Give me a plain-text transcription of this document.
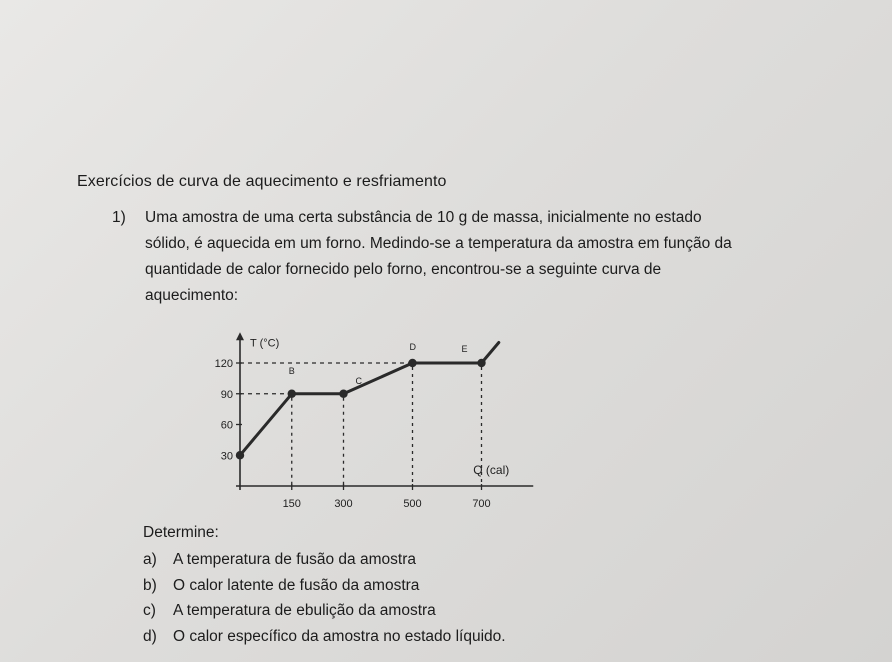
Exercícios de curva de aquecimento e resfriamento
1) Uma amostra de uma certa substância de 10 g de massa, inicialmente no estado
sólido, é aquecida em um forno. Medindo-se a temperatura da amostra em função da
quantidade de calor fornecido pelo forno, encontrou-se a seguinte curva de
aquecimento:
30
60
90
120
150	300	500	700
T (°C)
Q (cal)
B
C
D	E
Determine:
a) A temperatura de fusão da amostra
b) O calor latente de fusão da amostra
c) A temperatura de ebulição da amostra
d) O calor específico da amostra no estado líquido.
